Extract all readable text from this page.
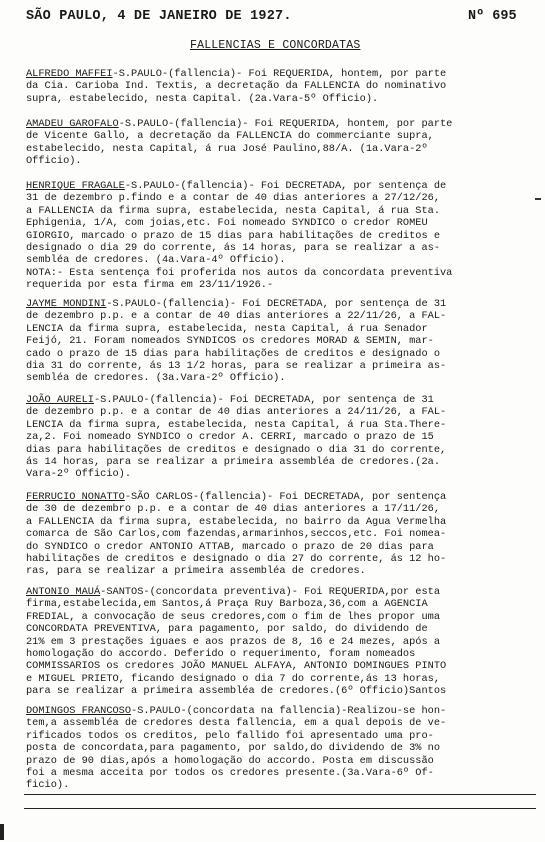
SÃO PAULO, 4 DE JANEIRO DE 1927.	Nº 695
FALLENCIAS E CONCORDATAS
ALFREDO MAFFEI-S.PAULO-(fallencia)- Foi REQUERIDA, hontem, por parte
da Cia. Carioba Ind. Textis, a decretação da FALLENCIA do nominativo
supra, estabelecido, nesta Capital. (2a.Vara-5º Officio).
AMADEU GAROFALO-S.PAULO-(fallencia)- Foi REQUERIDA, hontem, por parte
de Vicente Gallo, a decretação da FALLENCIA do commerciante supra,
estabelecido, nesta Capital, á rua José Paulino,88/A. (1a.Vara-2º
Officio).
HENRIQUE FRAGALE-S.PAULO-(fallencia)- Foi DECRETADA, por sentença de
31 de dezembro p.findo e a contar de 40 dias anteriores a 27/12/26,
a FALLENCIA da firma supra, estabelecida, nesta Capital, á rua Sta.
Ephigenia, 1/A, com joias,etc. Foi nomeado SYNDICO o credor ROMEU
GIORGIO, marcado o prazo de 15 dias para habilitações de creditos e
designado o dia 29 do corrente, ás 14 horas, para se realizar a as-
sembléa de credores. (4a.Vara-4º Officio).
NOTA:- Esta sentença foi proferida nos autos da concordata preventiva
requerida por esta firma em 23/11/1926.-
JAYME MONDINI-S.PAULO-(fallencia)- Foi DECRETADA, por sentença de 31
de dezembro p.p. e a contar de 40 dias anteriores a 22/11/26, a FAL-
LENCIA da firma supra, estabelecida, nesta Capital, á rua Senador
Feijó, 21. Foram nomeados SYNDICOS os credores MORAD & SEMIN, mar-
cado o prazo de 15 dias para habilitações de creditos e designado o
dia 31 do corrente, ás 13 1/2 horas, para se realizar a primeira as-
sembléa de credores. (3a.Vara-2º Officio).
JOÃO AURELI-S.PAULO-(fallencia)- Foi DECRETADA, por sentença de 31
de dezembro p.p. e a contar de 40 dias anteriores a 24/11/26, a FAL-
LENCIA da firma supra, estabelecida, nesta Capital, á rua Sta.There-
za,2. Foi nomeado SYNDICO o credor A. CERRI, marcado o prazo de 15
dias para habilitações de creditos e designado o dia 31 do corrente,
ás 14 horas, para se realizar a primeira assembléa de credores.(2a.
Vara-2º Officio).
FERRUCIO NONATTO-SÃO CARLOS-(fallencia)- Foi DECRETADA, por sentença
de 30 de dezembro p.p. e a contar de 40 dias anteriores a 17/11/26,
a FALLENCIA da firma supra, estabelecida, no bairro da Agua Vermelha
comarca de São Carlos,com fazendas,armarinhos,seccos,etc. Foi nomea-
do SYNDICO o credor ANTONIO ATTAB, marcado o prazo de 20 dias para
habilitações de creditos e designado o dia 27 do corrente, ás 12 ho-
ras, para se realizar a primeira assembléa de credores.
ANTONIO MAUÁ-SANTOS-(concordata preventiva)- Foi REQUERIDA,por esta
firma,estabelecida,em Santos,á Praça Ruy Barboza,36,com a AGENCIA
FREDIAL, a convocação de seus credores,com o fim de lhes propor uma
CONCORDATA PREVENTIVA, para pagamento, por saldo, do dividendo de
21% em 3 prestações iguaes e aos prazos de 8, 16 e 24 mezes, após a
homologação do accordo. Deferido o requerimento, foram nomeados
COMMISSARIOS os credores JOÃO MANUEL ALFAYA, ANTONIO DOMINGUES PINTO
e MIGUEL PRIETO, ficando designado o dia 7 do corrente,ás 13 horas,
para se realizar a primeira assembléa de credores.(6º Officio)Santos
DOMINGOS FRANCOSO-S.PAULO-(concordata na fallencia)-Realizou-se hon-
tem,a assembléa de credores desta fallencia, em a qual depois de ve-
rificados todos os creditos, pelo fallido foi apresentado uma pro-
posta de concordata,para pagamento, por saldo,do dividendo de 3% no
prazo de 90 dias,após a homologação do accordo. Posta em discussão
foi a mesma acceita por todos os credores presente.(3a.Vara-6º Of-
ficio).
